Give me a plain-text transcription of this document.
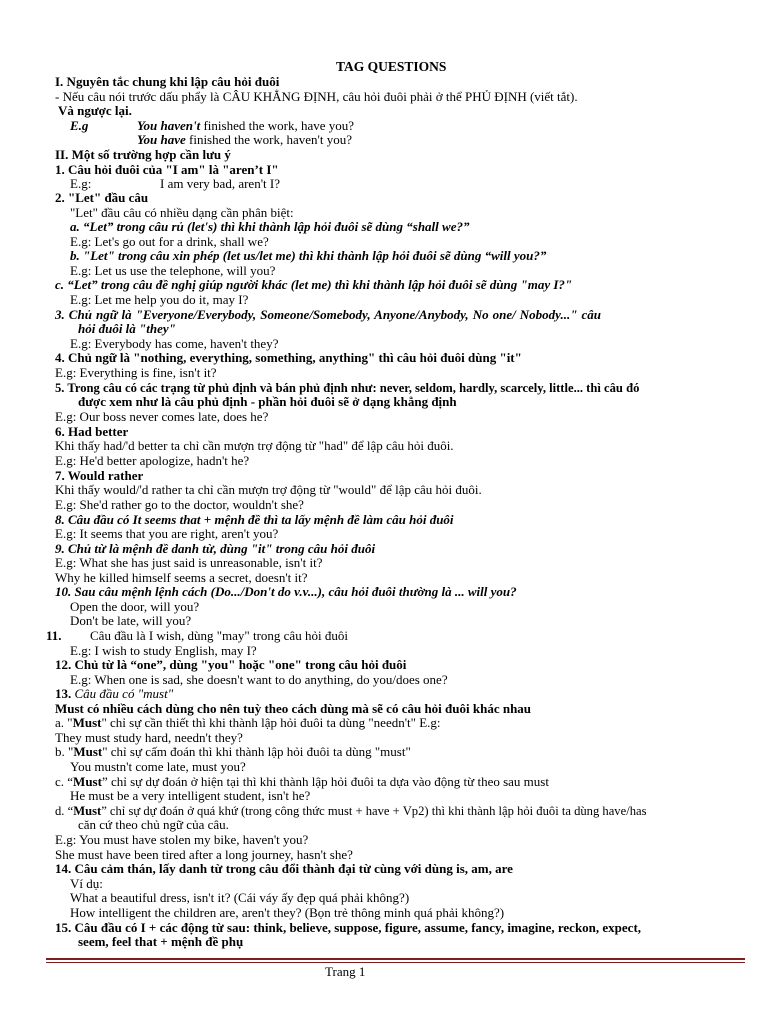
TAG QUESTIONS
I. Nguyên tắc chung khi lập câu hỏi đuôi
- Nếu câu nói trước dấu phẩy là CÂU KHẲNG ĐỊNH, câu hỏi đuôi phải ở thể PHỦ ĐỊNH (viết tắt).
Và ngược lại.
E.g	You haven't finished the work, have you?
You have finished the work, haven't you?
II. Một số trường hợp cần lưu ý
1. Câu hỏi đuôi của "I am" là "aren’t I"
E.g:	I am very bad, aren't I?
2. "Let" đầu câu
"Let" đầu câu có nhiều dạng cần phân biệt:
a. “Let” trong câu rủ (let's) thì khi thành lập hỏi đuôi sẽ dùng “shall we?”
E.g: Let's go out for a drink, shall we?
b. "Let" trong câu xin phép (let us/let me) thì khi thành lập hỏi đuôi sẽ dùng “will you?”
E.g: Let us use the telephone, will you?
c. “Let” trong câu đề nghị giúp người khác (let me) thì khi thành lập hỏi đuôi sẽ dùng "may I?"
E.g: Let me help you do it, may I?
3. Chủ ngữ là "Everyone/Everybody, Someone/Somebody, Anyone/Anybody, No one/ Nobody..." câu
hỏi đuôi là "they"
E.g: Everybody has come, haven't they?
4. Chủ ngữ là "nothing, everything, something, anything" thì câu hỏi đuôi dùng "it"
E.g: Everything is fine, isn't it?
5. Trong câu có các trạng từ phủ định và bán phủ định như: never, seldom, hardly, scarcely, little... thì câu đó
được xem như là câu phủ định - phần hỏi đuôi sẽ ở dạng khẳng định
E.g: Our boss never comes late, does he?
6. Had better
Khi thấy had/'d better ta chỉ cần mượn trợ động từ "had" để lập câu hỏi đuôi.
E.g: He'd better apologize, hadn't he?
7. Would rather
Khi thấy would/'d rather ta chỉ cần mượn trợ động từ "would" để lập câu hỏi đuôi.
E.g: She'd rather go to the doctor, wouldn't she?
8. Câu đầu có It seems that + mệnh đề thì ta lấy mệnh đề làm câu hỏi đuôi
E.g: It seems that you are right, aren't you?
9. Chủ từ là mệnh đề danh từ, dùng "it" trong câu hỏi đuôi
E.g: What she has just said is unreasonable, isn't it?
Why he killed himself seems a secret, doesn't it?
10. Sau câu mệnh lệnh cách (Do.../Don't do v.v...), câu hỏi đuôi thường là ... will you?
Open the door, will you?
Don't be late, will you?
11. Câu đầu là I wish, dùng "may" trong câu hỏi đuôi
E.g: I wish to study English, may I?
12. Chủ từ là “one”, dùng "you" hoặc "one" trong câu hỏi đuôi
E.g: When one is sad, she doesn't want to do anything, do you/does one?
13. Câu đầu có "must"
Must có nhiều cách dùng cho nên tuỳ theo cách dùng mà sẽ có câu hỏi đuôi khác nhau
a. "Must" chỉ sự cần thiết thì khi thành lập hỏi đuôi ta dùng "needn't" E.g:
They must study hard, needn't they?
b. "Must" chỉ sự cấm đoán thì khi thành lập hỏi đuôi ta dùng "must"
You mustn't come late, must you?
c. “Must” chỉ sự dự đoán ở hiện tại thì khi thành lập hỏi đuôi ta dựa vào động từ theo sau must
He must be a very intelligent student, isn't he?
d. “Must” chỉ sự dự đoán ở quá khứ (trong công thức must + have + Vp2) thì khi thành lập hỏi đuôi ta dùng have/has
căn cứ theo chủ ngữ của câu.
E.g: You must have stolen my bike, haven't you?
She must have been tired after a long journey, hasn't she?
14. Câu cảm thán, lấy danh từ trong câu đổi thành đại từ cùng với dùng is, am, are
Ví dụ:
What a beautiful dress, isn't it? (Cái váy ấy đẹp quá phải không?)
How intelligent the children are, aren't they? (Bọn trẻ thông minh quá phải không?)
15. Câu đầu có I + các động từ sau: think, believe, suppose, figure, assume, fancy, imagine, reckon, expect,
seem, feel that + mệnh đề phụ
Trang 1
